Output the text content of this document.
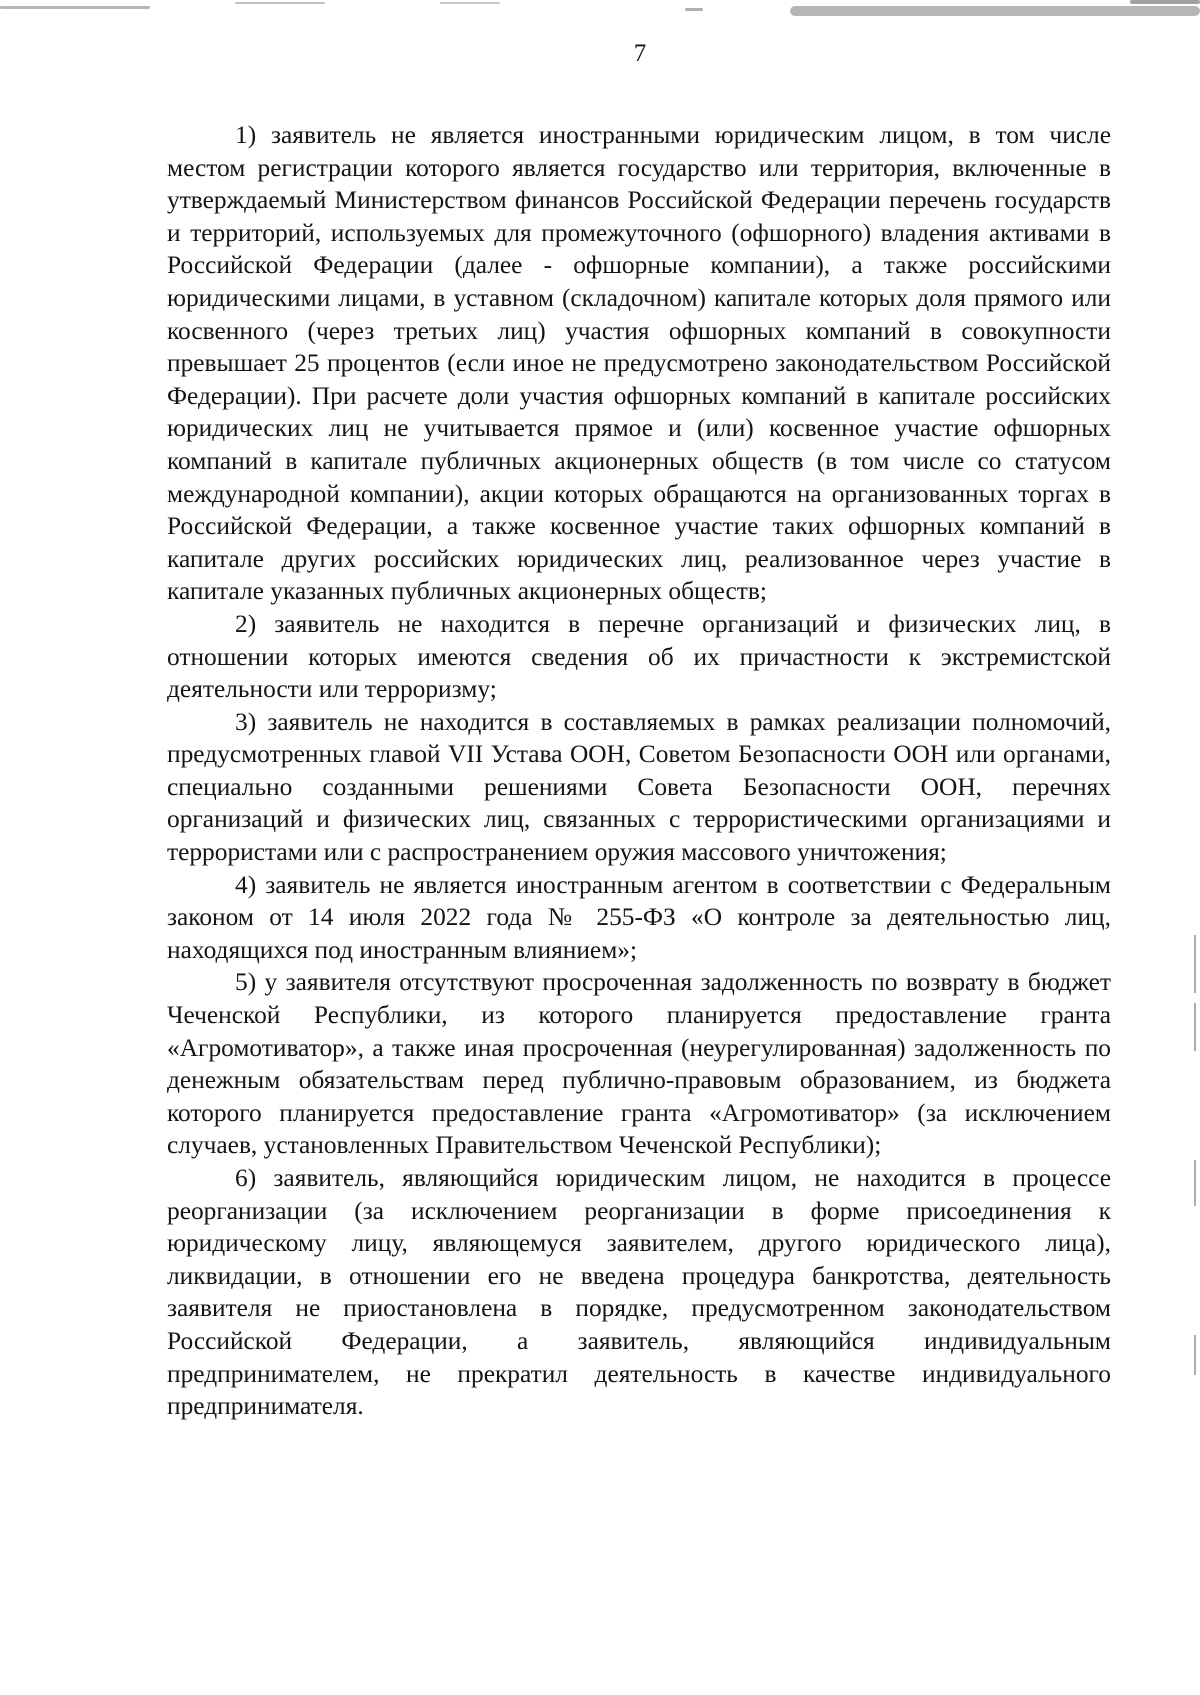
7

1) заявитель не является иностранными юридическим лицом, в том числе местом регистрации которого является государство или территория, включенные в утверждаемый Министерством финансов Российской Федерации перечень государств и территорий, используемых для промежуточного (офшорного) владения активами в Российской Федерации (далее - офшорные компании), а также российскими юридическими лицами, в уставном (складочном) капитале которых доля прямого или косвенного (через третьих лиц) участия офшорных компаний в совокупности превышает 25 процентов (если иное не предусмотрено законодательством Российской Федерации). При расчете доли участия офшорных компаний в капитале российских юридических лиц не учитывается прямое и (или) косвенное участие офшорных компаний в капитале публичных акционерных обществ (в том числе со статусом международной компании), акции которых обращаются на организованных торгах в Российской Федерации, а также косвенное участие таких офшорных компаний в капитале других российских юридических лиц, реализованное через участие в капитале указанных публичных акционерных обществ;

2) заявитель не находится в перечне организаций и физических лиц, в отношении которых имеются сведения об их причастности к экстремистской деятельности или терроризму;

3) заявитель не находится в составляемых в рамках реализации полномочий, предусмотренных главой VII Устава ООН, Советом Безопасности ООН или органами, специально созданными решениями Совета Безопасности ООН, перечнях организаций и физических лиц, связанных с террористическими организациями и террористами или с распространением оружия массового уничтожения;

4) заявитель не является иностранным агентом в соответствии с Федеральным законом от 14 июля 2022 года № 255-ФЗ «О контроле за деятельностью лиц, находящихся под иностранным влиянием»;

5) у заявителя отсутствуют просроченная задолженность по возврату в бюджет Чеченской Республики, из которого планируется предоставление гранта «Агромотиватор», а также иная просроченная (неурегулированная) задолженность по денежным обязательствам перед публично-правовым образованием, из бюджета которого планируется предоставление гранта «Агромотиватор» (за исключением случаев, установленных Правительством Чеченской Республики);

6) заявитель, являющийся юридическим лицом, не находится в процессе реорганизации (за исключением реорганизации в форме присоединения к юридическому лицу, являющемуся заявителем, другого юридического лица), ликвидации, в отношении его не введена процедура банкротства, деятельность заявителя не приостановлена в порядке, предусмотренном законодательством Российской Федерации, а заявитель, являющийся индивидуальным предпринимателем, не прекратил деятельность в качестве индивидуального предпринимателя.
